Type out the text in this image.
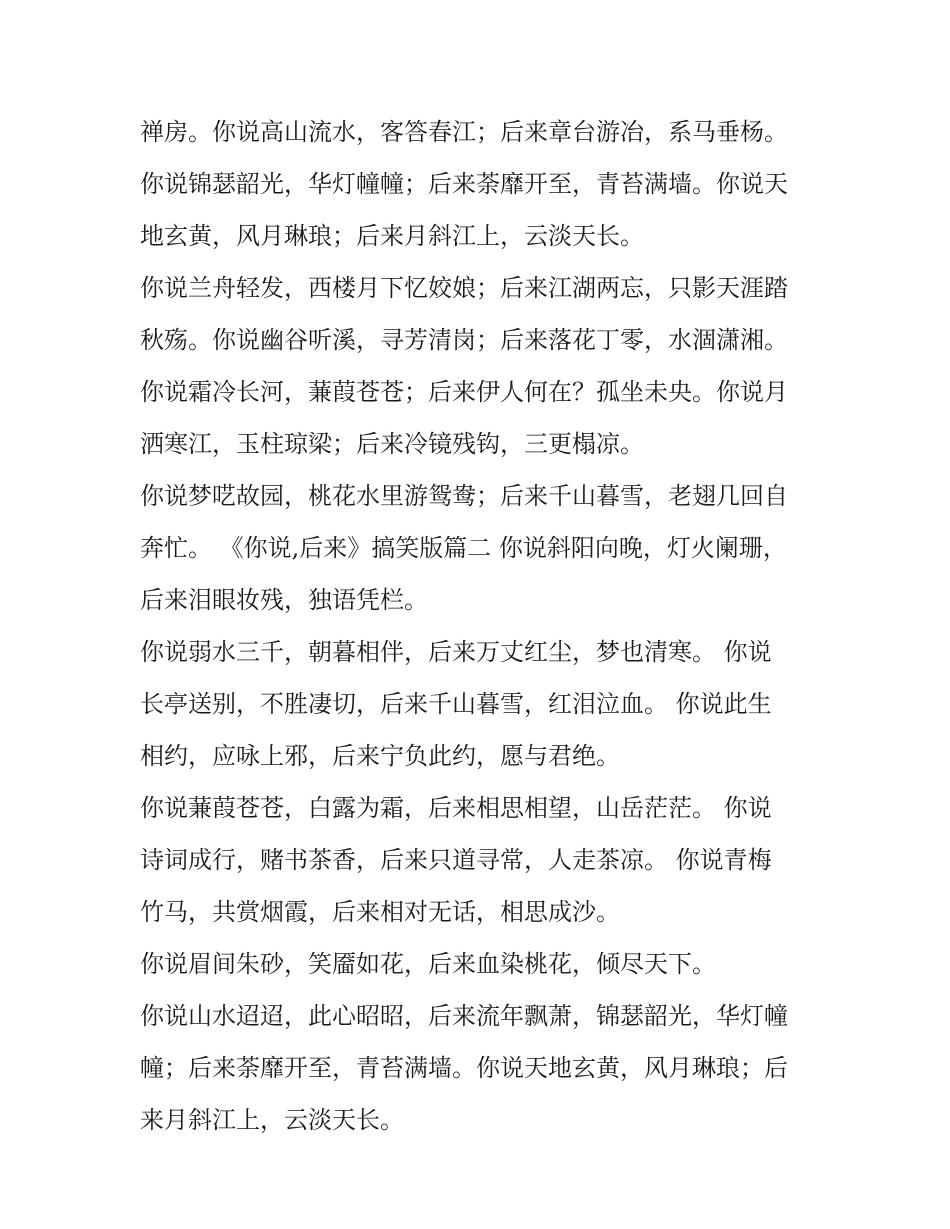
禅房。你说高山流水，客答春江；后来章台游冶，系马垂杨。
你说锦瑟韶光，华灯幢幢；后来荼靡开至，青苔满墙。你说天
地玄黄，风月琳琅；后来月斜江上，云淡天长。
你说兰舟轻发，西楼月下忆姣娘；后来江湖两忘，只影天涯踏
秋殇。你说幽谷听溪，寻芳清岗；后来落花丁零，水涸潇湘。
你说霜冷长河，蒹葭苍苍；后来伊人何在？孤坐未央。你说月
洒寒江，玉柱琼梁；后来冷镜残钩，三更榻凉。
你说梦呓故园，桃花水里游鸳鸯；后来千山暮雪，老翅几回自
奔忙。 《你说,后来》搞笑版篇二 你说斜阳向晚，灯火阑珊，
后来泪眼妆残，独语凭栏。
你说弱水三千，朝暮相伴，后来万丈红尘，梦也清寒。 你说
长亭送别，不胜凄切，后来千山暮雪，红泪泣血。 你说此生
相约，应咏上邪，后来宁负此约，愿与君绝。
你说蒹葭苍苍，白露为霜，后来相思相望，山岳茫茫。 你说
诗词成行，赌书茶香，后来只道寻常，人走茶凉。 你说青梅
竹马，共赏烟霞，后来相对无话，相思成沙。
你说眉间朱砂，笑靥如花，后来血染桃花，倾尽天下。
你说山水迢迢，此心昭昭，后来流年飘萧，锦瑟韶光，华灯幢
幢；后来荼靡开至，青苔满墙。你说天地玄黄，风月琳琅；后
来月斜江上，云淡天长。
